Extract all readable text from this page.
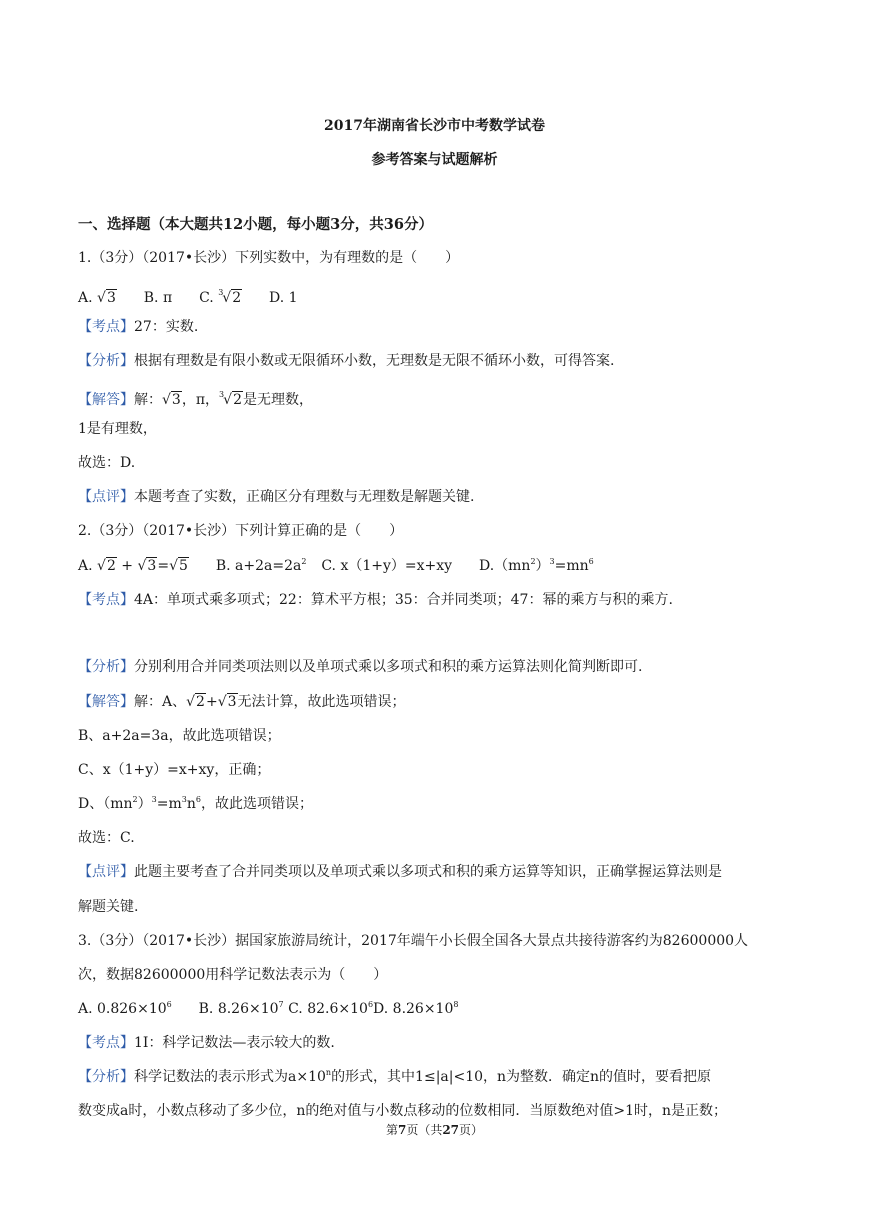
2017年湖南省长沙市中考数学试卷
参考答案与试题解析
一、选择题（本大题共12小题，每小题3分，共36分）
1.（3分）（2017•长沙）下列实数中，为有理数的是（　　）
A. √3 B. π C. $^3$√2 D. 1
【考点】27：实数.
【分析】根据有理数是有限小数或无限循环小数，无理数是无限不循环小数，可得答案.
【解答】解：√3，π，$^3$√2是无理数，
1是有理数，
故选：D.
【点评】本题考查了实数，正确区分有理数与无理数是解题关键.
2.（3分）（2017•长沙）下列计算正确的是（　　）
A. √2 + √3=√5 B. $a+2a=2a^2$ C. x（1+y）=x+xy $D.(mn^2)^3=mn^6$
【考点】4A：单项式乘多项式；22：算术平方根；35：合并同类项；47：幂的乘方与积的乘方.
【分析】分别利用合并同类项法则以及单项式乘以多项式和积的乘方运算法则化简判断即可.
【解答】解：A、√2+√3无法计算，故此选项错误；
B、a+2a=3a，故此选项错误；
C、x（1+y）=x+xy，正确；
D、$(mn^2)^3=m^3n^6$，故此选项错误；
故选：C.
【点评】此题主要考查了合并同类项以及单项式乘以多项式和积的乘方运算等知识，正确掌握运算法则是
解题关键.
3.（3分）（2017•长沙）据国家旅游局统计，2017年端午小长假全国各大景点共接待游客约为82600000人
次，数据82600000用科学记数法表示为（　　）
A. $0.826\times 10^6$ B. $8.26\times 10^7$ C. $82.6\times 10^6D$. $8.26\times 10^8$
【考点】1I：科学记数法—表示较大的数.
【分析】科学记数法的表示形式为$a\times 10^n$的形式，其中1≤|a|<10，n为整数．确定n的值时，要看把原
数变成a时，小数点移动了多少位，n的绝对值与小数点移动的位数相同．当原数绝对值>1时，n是正数；
第7页（共27页）
